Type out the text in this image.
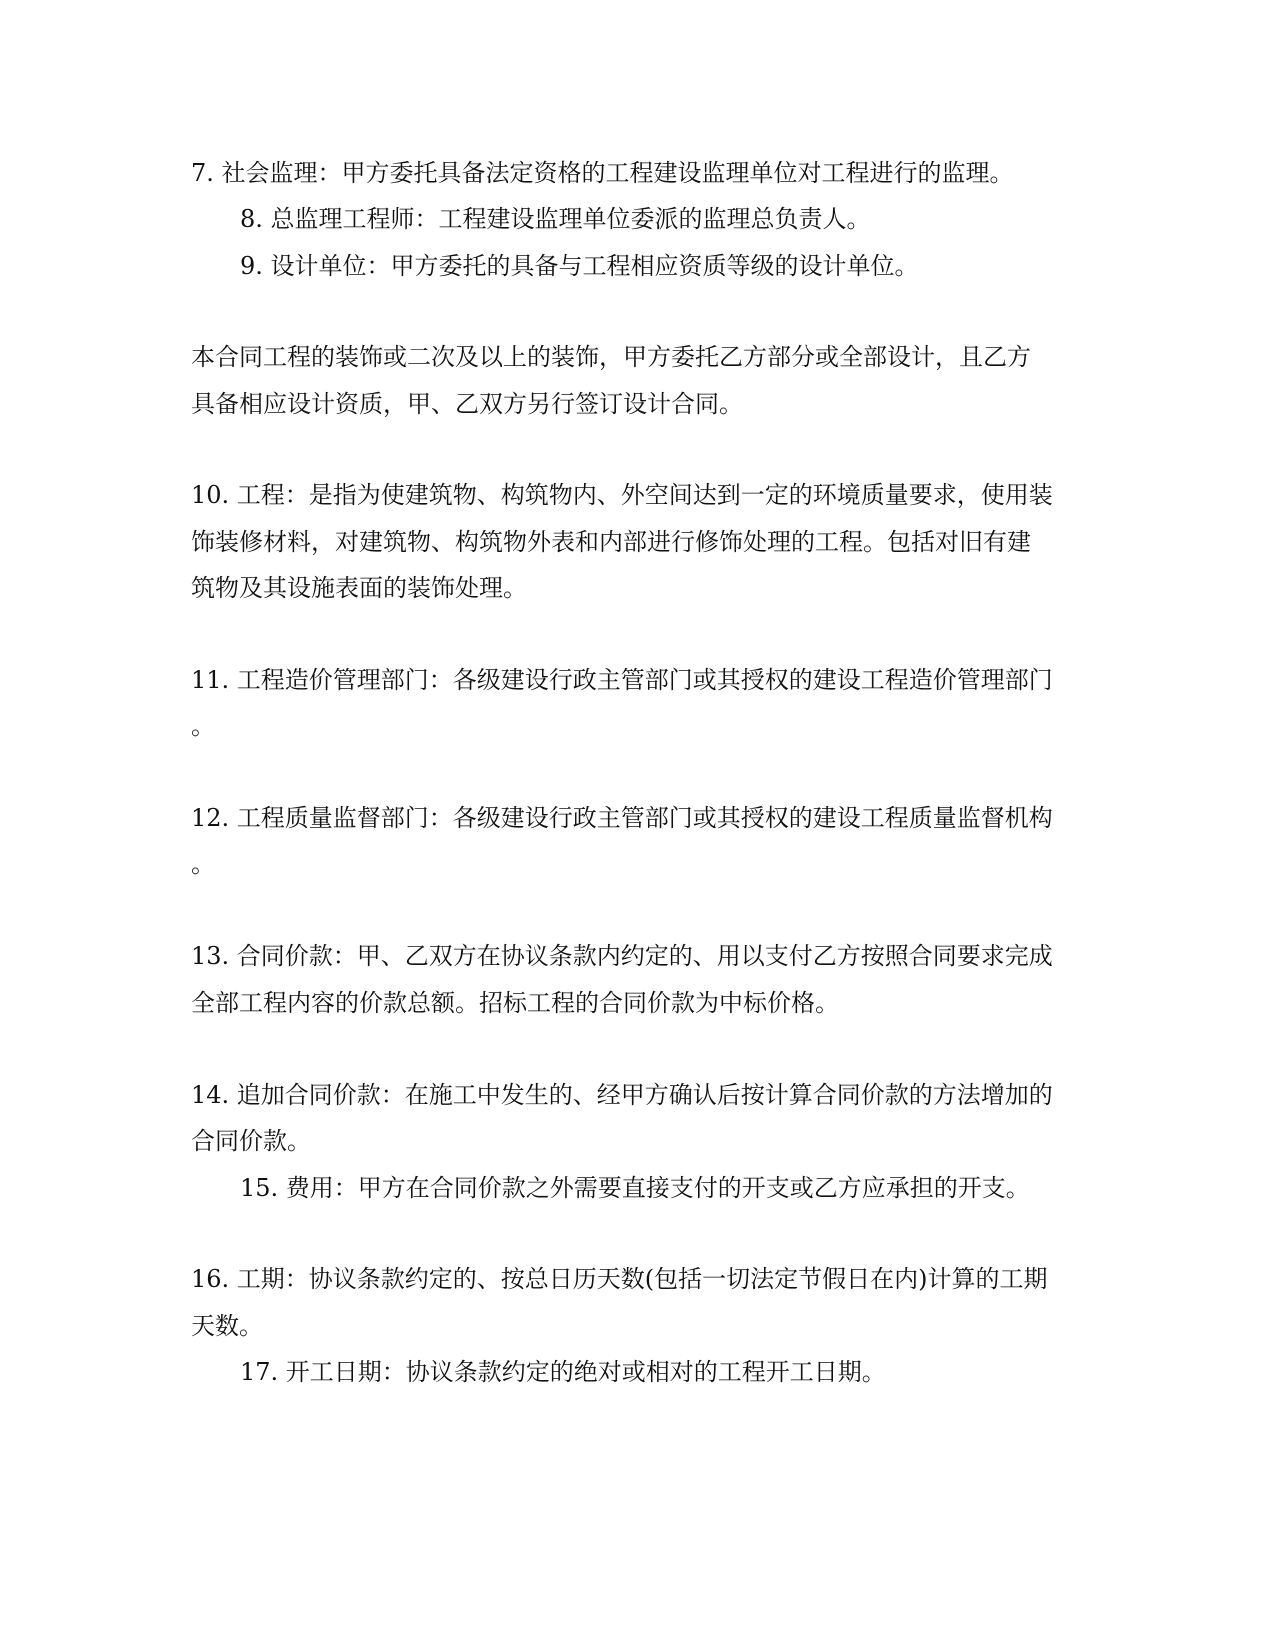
7. 社会监理：甲方委托具备法定资格的工程建设监理单位对工程进行的监理。
8. 总监理工程师：工程建设监理单位委派的监理总负责人。
9. 设计单位：甲方委托的具备与工程相应资质等级的设计单位。
本合同工程的装饰或二次及以上的装饰，甲方委托乙方部分或全部设计，且乙方
具备相应设计资质，甲、乙双方另行签订设计合同。
10. 工程：是指为使建筑物、构筑物内、外空间达到一定的环境质量要求，使用装
饰装修材料，对建筑物、构筑物外表和内部进行修饰处理的工程。包括对旧有建
筑物及其设施表面的装饰处理。
11. 工程造价管理部门：各级建设行政主管部门或其授权的建设工程造价管理部门
。
12. 工程质量监督部门：各级建设行政主管部门或其授权的建设工程质量监督机构
。
13. 合同价款：甲、乙双方在协议条款内约定的、用以支付乙方按照合同要求完成
全部工程内容的价款总额。招标工程的合同价款为中标价格。
14. 追加合同价款：在施工中发生的、经甲方确认后按计算合同价款的方法增加的
合同价款。
15. 费用：甲方在合同价款之外需要直接支付的开支或乙方应承担的开支。
16. 工期：协议条款约定的、按总日历天数(包括一切法定节假日在内)计算的工期
天数。
17. 开工日期：协议条款约定的绝对或相对的工程开工日期。
